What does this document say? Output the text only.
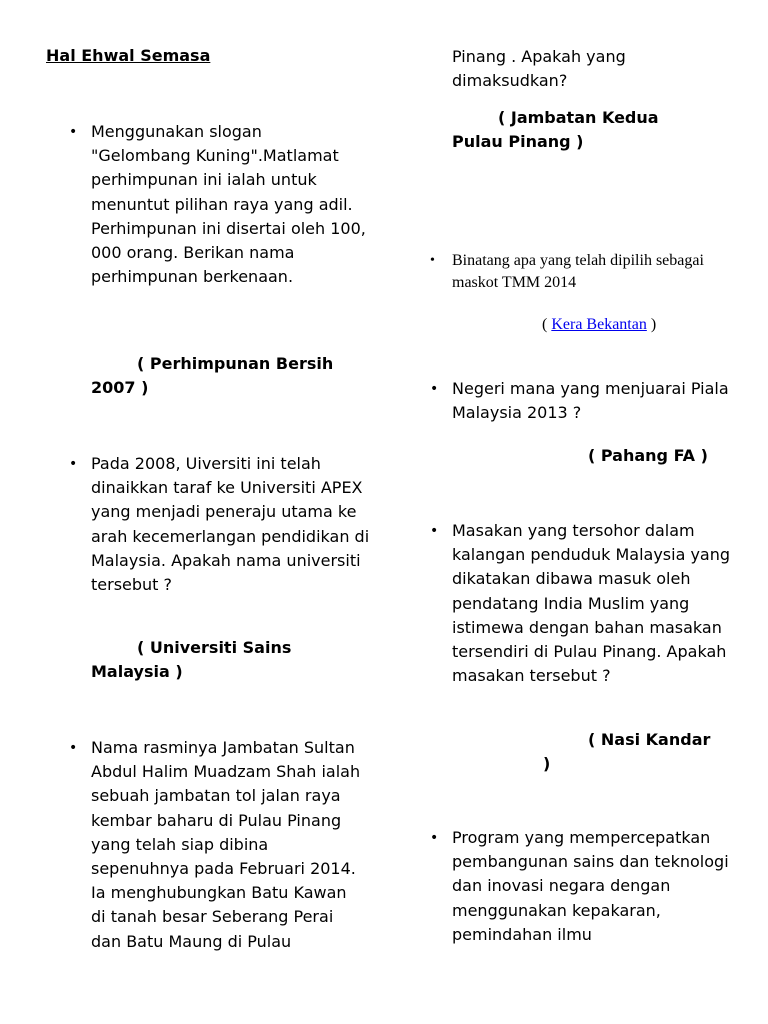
Hal Ehwal Semasa
• Menggunakan slogan "Gelombang Kuning".Matlamat perhimpunan ini ialah untuk menuntut pilihan raya yang adil. Perhimpunan ini disertai oleh 100, 000 orang. Berikan nama perhimpunan berkenaan.
( Perhimpunan Bersih 2007 )
• Pada 2008, Uiversiti ini telah dinaikkan taraf ke Universiti APEX yang menjadi peneraju utama ke arah kecemerlangan pendidikan di Malaysia. Apakah nama universiti tersebut ?
( Universiti Sains Malaysia )
• Nama rasminya Jambatan Sultan Abdul Halim Muadzam Shah ialah sebuah jambatan tol jalan raya kembar baharu di Pulau Pinang yang telah siap dibina sepenuhnya pada Februari 2014. Ia menghubungkan Batu Kawan di tanah besar Seberang Perai dan Batu Maung di Pulau
Pinang . Apakah yang dimaksudkan?
( Jambatan Kedua Pulau Pinang )
• Binatang apa yang telah dipilih sebagai maskot TMM 2014
( Kera Bekantan )
• Negeri mana yang menjuarai Piala Malaysia 2013 ?
( Pahang FA )
• Masakan yang tersohor dalam kalangan penduduk Malaysia yang dikatakan dibawa masuk oleh pendatang India Muslim yang istimewa dengan bahan masakan tersendiri di Pulau Pinang. Apakah masakan tersebut ?
( Nasi Kandar
)
• Program yang mempercepatkan pembangunan sains dan teknologi dan inovasi negara dengan menggunakan kepakaran, pemindahan ilmu
